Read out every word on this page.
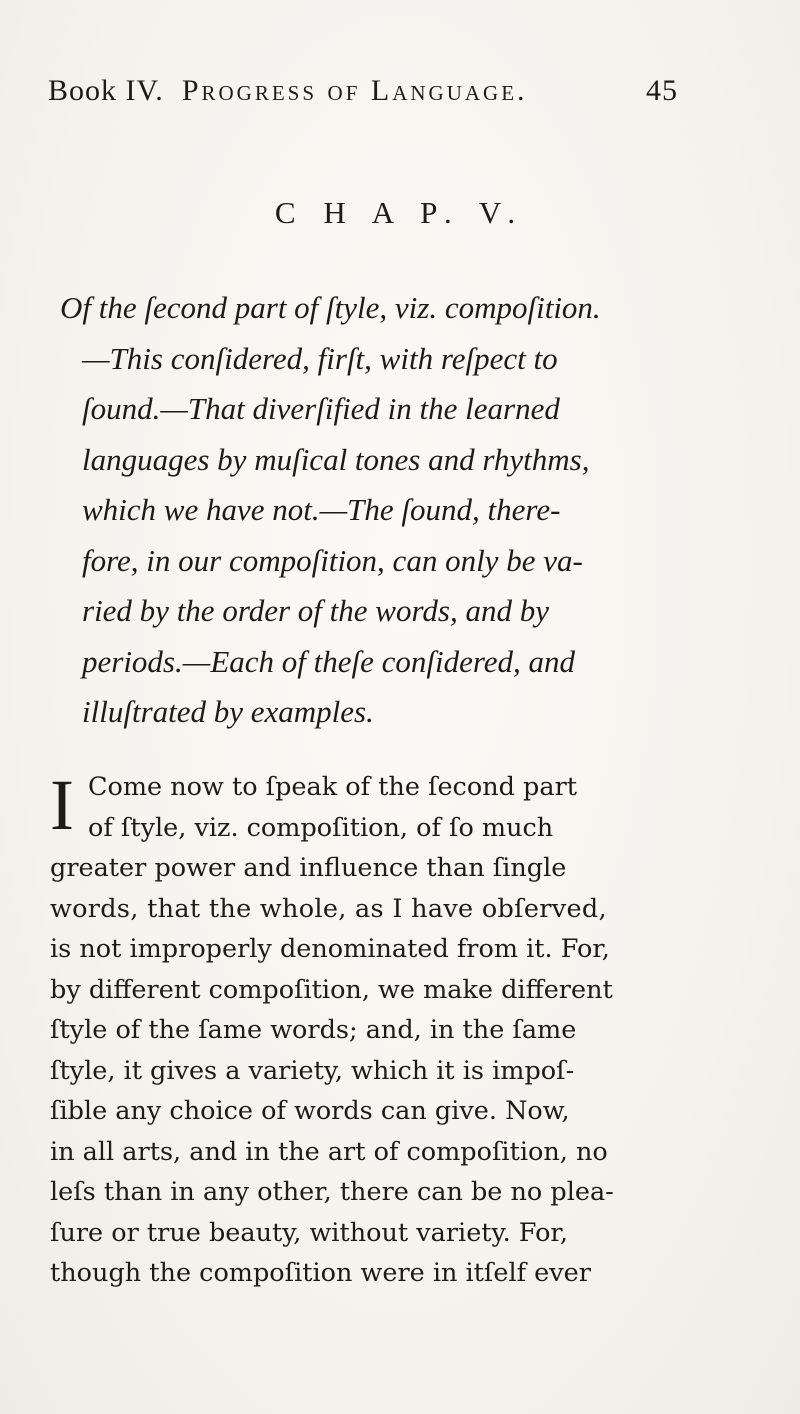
Book IV. Progress of Language.	45
C H A P. V.
Of the ſecond part of ſtyle, viz. compoſition.
—This conſidered, firſt, with reſpect to
ſound.—That diverſified in the learned
languages by muſical tones and rhythms,
which we have not.—The ſound, there-
fore, in our compoſition, can only be va-
ried by the order of the words, and by
periods.—Each of theſe conſidered, and
illuſtrated by examples.
I Come now to ſpeak of the ſecond part
of ſtyle, viz. compoſition, of ſo much
greater power and influence than ſingle
words, that the whole, as I have obſerved,
is not improperly denominated from it. For,
by different compoſition, we make different
ſtyle of the ſame words; and, in the ſame
ſtyle, it gives a variety, which it is impoſ-
ſible any choice of words can give. Now,
in all arts, and in the art of compoſition, no
leſs than in any other, there can be no plea-
ſure or true beauty, without variety. For,
though the compoſition were in itſelf ever
